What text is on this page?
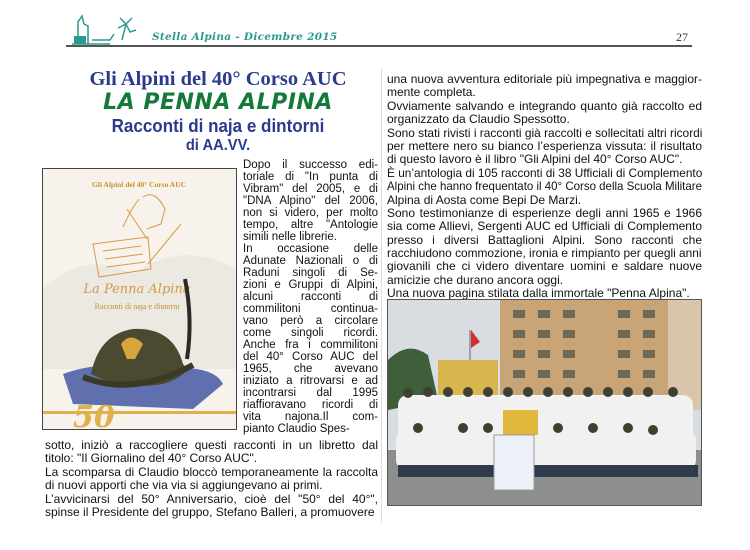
Stella Alpina - Dicembre 2015	27
Gli Alpini del 40° Corso AUC
LA PENNA ALPINA
Racconti di naja e dintorni
di AA.VV.
Gli Alpini del 40° Corso AUC
La Penna Alpina
Racconti di naja e dintorni
50
Dopo il successo edi-
toriale di "In punta di
Vibram" del 2005, e di
"DNA Alpino" del 2006,
non si videro, per molto
tempo, altre "Antologie
simili nelle librerie.
In occasione delle
Adunate Nazionali o di
Raduni singoli di Se-
zioni e Gruppi di Alpini,
alcuni racconti di
commilitoni continua-
vano però a circolare
come singoli ricordi.
Anche fra i commilitoni
del 40° Corso AUC del
1965, che avevano
iniziato a ritrovarsi e ad
incontrarsi dal 1995
riaffioravano ricordi di
vita najona.Il com-
pianto Claudio Spes-
sotto, iniziò a raccogliere questi racconti in un libretto dal
titolo: "Il Giornalino del 40° Corso AUC".
La scomparsa di Claudio bloccò temporaneamente la raccolta
di nuovi apporti che via via si aggiungevano ai primi.
L’avvicinarsi del 50° Anniversario, cioè del "50° del 40°",
spinse il Presidente del gruppo, Stefano Balleri, a promuovere
una nuova avventura editoriale più impegnativa e maggior-
mente completa.
Ovviamente salvando e integrando quanto già raccolto ed
organizzato da Claudio Spessotto.
Sono stati rivisti i racconti già raccolti e sollecitati altri ricordi
per mettere nero su bianco l’esperienza vissuta: il risultato
di questo lavoro è il libro "Gli Alpini del 40° Corso AUC".
È un’antologia di 105 racconti di 38 Ufficiali di Complemento
Alpini che hanno frequentato il 40° Corso della Scuola Militare
Alpina di Aosta come Bepi De Marzi.
Sono testimonianze di esperienze degli anni 1965 e 1966
sia come Allievi, Sergenti AUC ed Ufficiali di Complemento
presso i diversi Battaglioni Alpini. Sono racconti che
racchiudono commozione, ironia e rimpianto per quegli anni
giovanili che ci videro diventare uomini e saldare nuove
amicizie che durano ancora oggi.
Una nuova pagina stilata dalla immortale "Penna Alpina".
